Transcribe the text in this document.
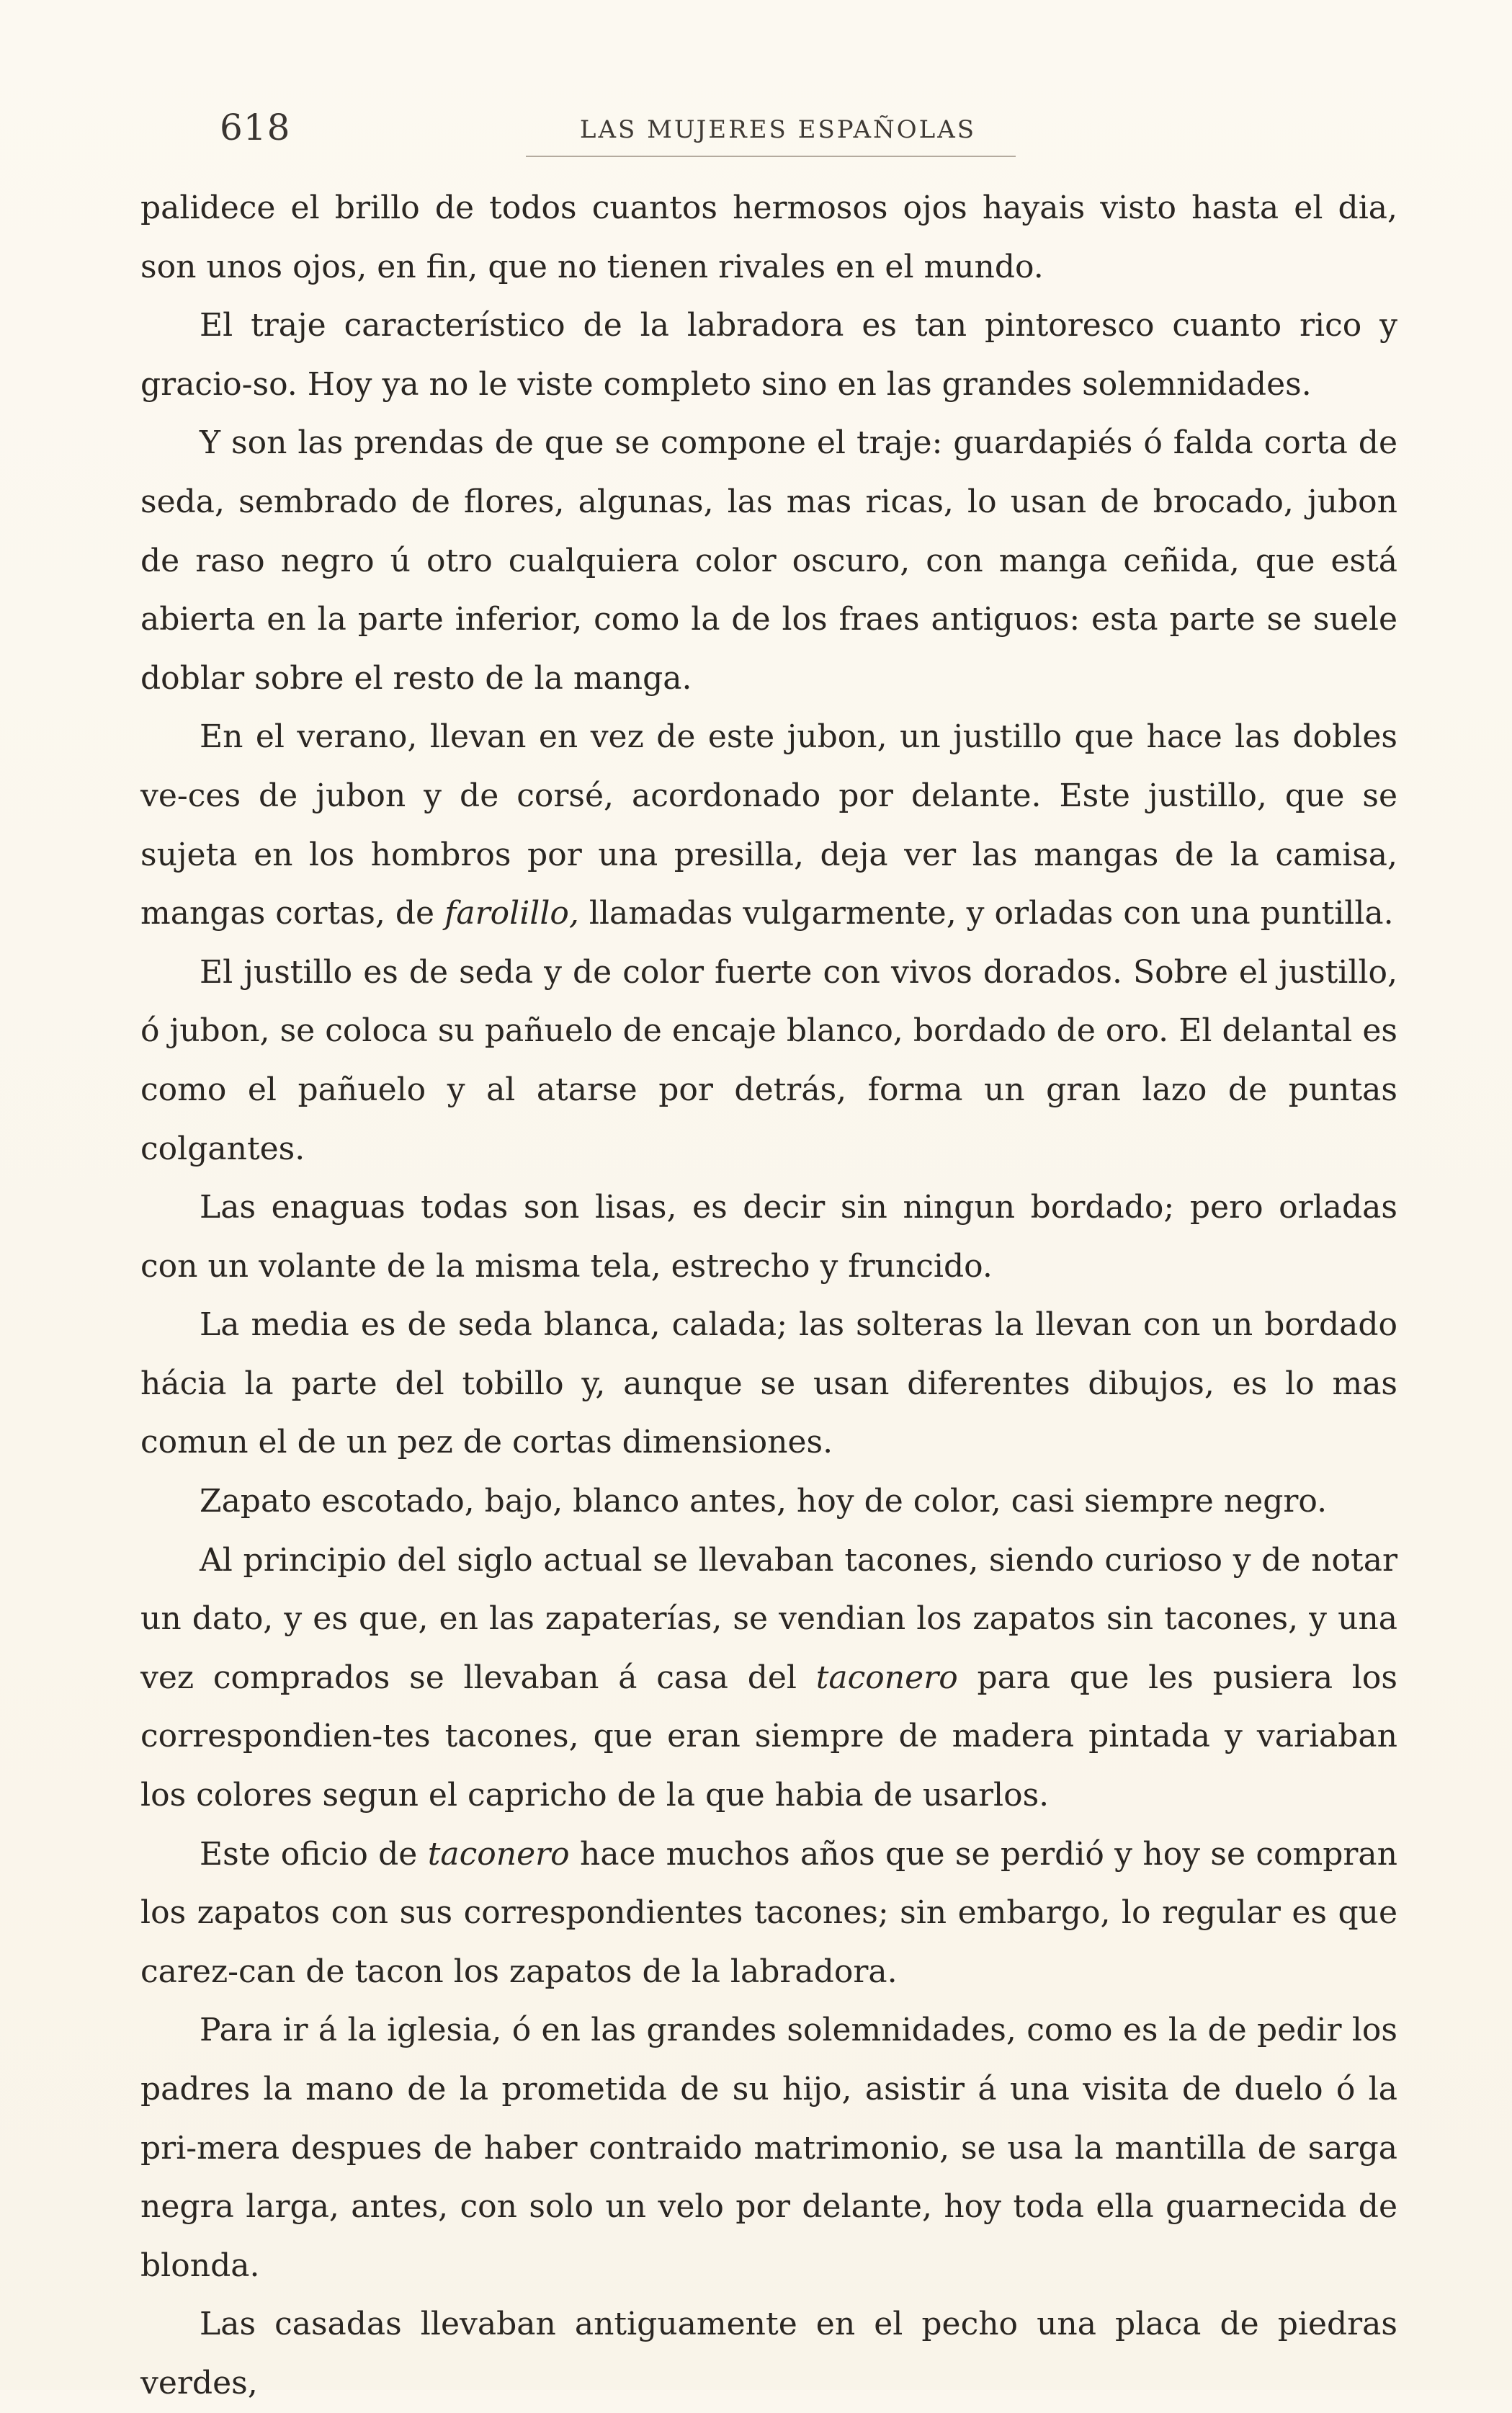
618	LAS MUJERES ESPAÑOLAS

palidece el brillo de todos cuantos hermosos ojos hayais visto hasta el dia, son unos ojos, en fin, que no tienen rivales en el mundo.

El traje característico de la labradora es tan pintoresco cuanto rico y gracio-so. Hoy ya no le viste completo sino en las grandes solemnidades.

Y son las prendas de que se compone el traje: guardapiés ó falda corta de seda, sembrado de flores, algunas, las mas ricas, lo usan de brocado, jubon de raso negro ú otro cualquiera color oscuro, con manga ceñida, que está abierta en la parte inferior, como la de los fraes antiguos: esta parte se suele doblar sobre el resto de la manga.

En el verano, llevan en vez de este jubon, un justillo que hace las dobles ve-ces de jubon y de corsé, acordonado por delante. Este justillo, que se sujeta en los hombros por una presilla, deja ver las mangas de la camisa, mangas cortas, de farolillo, llamadas vulgarmente, y orladas con una puntilla.

El justillo es de seda y de color fuerte con vivos dorados. Sobre el justillo, ó jubon, se coloca su pañuelo de encaje blanco, bordado de oro. El delantal es como el pañuelo y al atarse por detrás, forma un gran lazo de puntas colgantes.

Las enaguas todas son lisas, es decir sin ningun bordado; pero orladas con un volante de la misma tela, estrecho y fruncido.

La media es de seda blanca, calada; las solteras la llevan con un bordado hácia la parte del tobillo y, aunque se usan diferentes dibujos, es lo mas comun el de un pez de cortas dimensiones.

Zapato escotado, bajo, blanco antes, hoy de color, casi siempre negro.

Al principio del siglo actual se llevaban tacones, siendo curioso y de notar un dato, y es que, en las zapaterías, se vendian los zapatos sin tacones, y una vez comprados se llevaban á casa del taconero para que les pusiera los correspondien-tes tacones, que eran siempre de madera pintada y variaban los colores segun el capricho de la que habia de usarlos.

Este oficio de taconero hace muchos años que se perdió y hoy se compran los zapatos con sus correspondientes tacones; sin embargo, lo regular es que carez-can de tacon los zapatos de la labradora.

Para ir á la iglesia, ó en las grandes solemnidades, como es la de pedir los padres la mano de la prometida de su hijo, asistir á una visita de duelo ó la pri-mera despues de haber contraido matrimonio, se usa la mantilla de sarga negra larga, antes, con solo un velo por delante, hoy toda ella guarnecida de blonda.

Las casadas llevaban antiguamente en el pecho una placa de piedras verdes,
